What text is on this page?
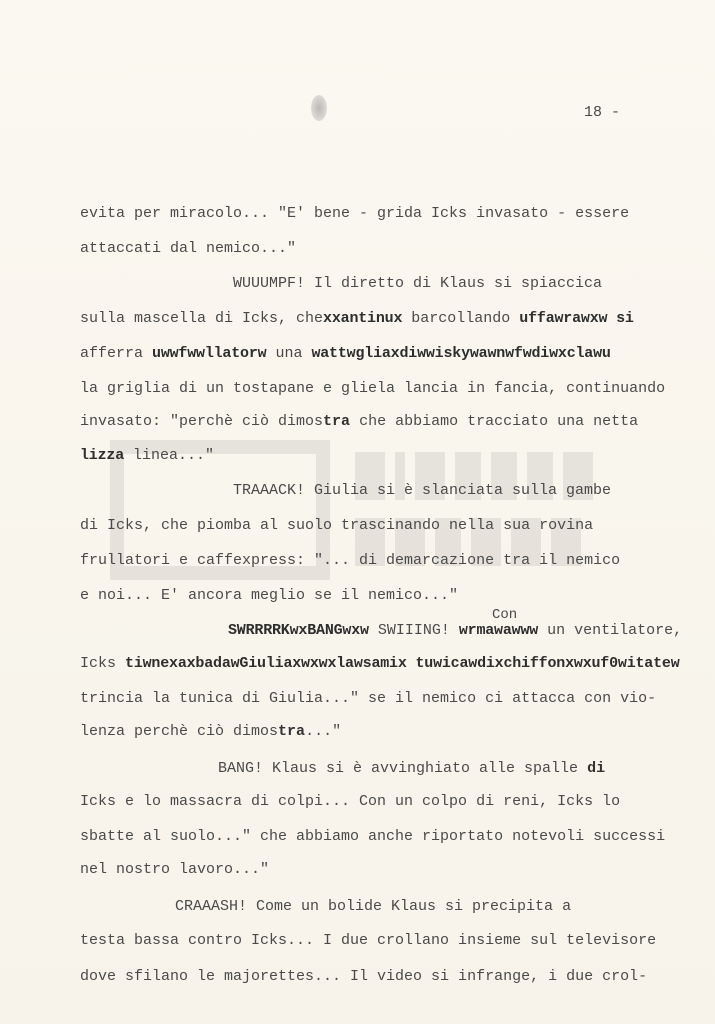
18 -
evita per miracolo... "E' bene - grida Icks invasato - essere
attaccati dal nemico..."
WUUUMPF! Il diretto di Klaus si spiaccica
sulla mascella di Icks, chexxantinux barcollando uffawrawxw si
afferra uwwfwwllatorw una wattwgliaxdiwwiskywawnwfwdiwxclawu
la griglia di un tostapane e gliela lancia in fancia, continuando
invasato: "perchè ciò dimostra che abbiamo tracciato una netta
lizza linea..."
TRAAACK! Giulia si è slanciata sulla gambe
di Icks, che piomba al suolo trascinando nella sua rovina
frullatori e caffexpress: "... di demarcazione tra il nemico
e noi... E' ancora meglio se il nemico..."
SWRRRRKwxBANGwxw SWIIING! wrmawawww
Con
un ventilatore,
Icks tiwnexaxbadawGiuliaxwxwxlawsamix tuwicawdixchiffonxwxuf0witatew
trincia la tunica di Giulia..." se il nemico ci attacca con vio-
lenza perchè ciò dimostra..."
BANG! Klaus si è avvinghiato alle spalle di
Icks e lo massacra di colpi... Con un colpo di reni, Icks lo
sbatte al suolo..." che abbiamo anche riportato notevoli successi
nel nostro lavoro..."
CRAAASH! Come un bolide Klaus si precipita a
testa bassa contro Icks... I due crollano insieme sul televisore
dove sfilano le majorettes... Il video si infrange, i due crol-
